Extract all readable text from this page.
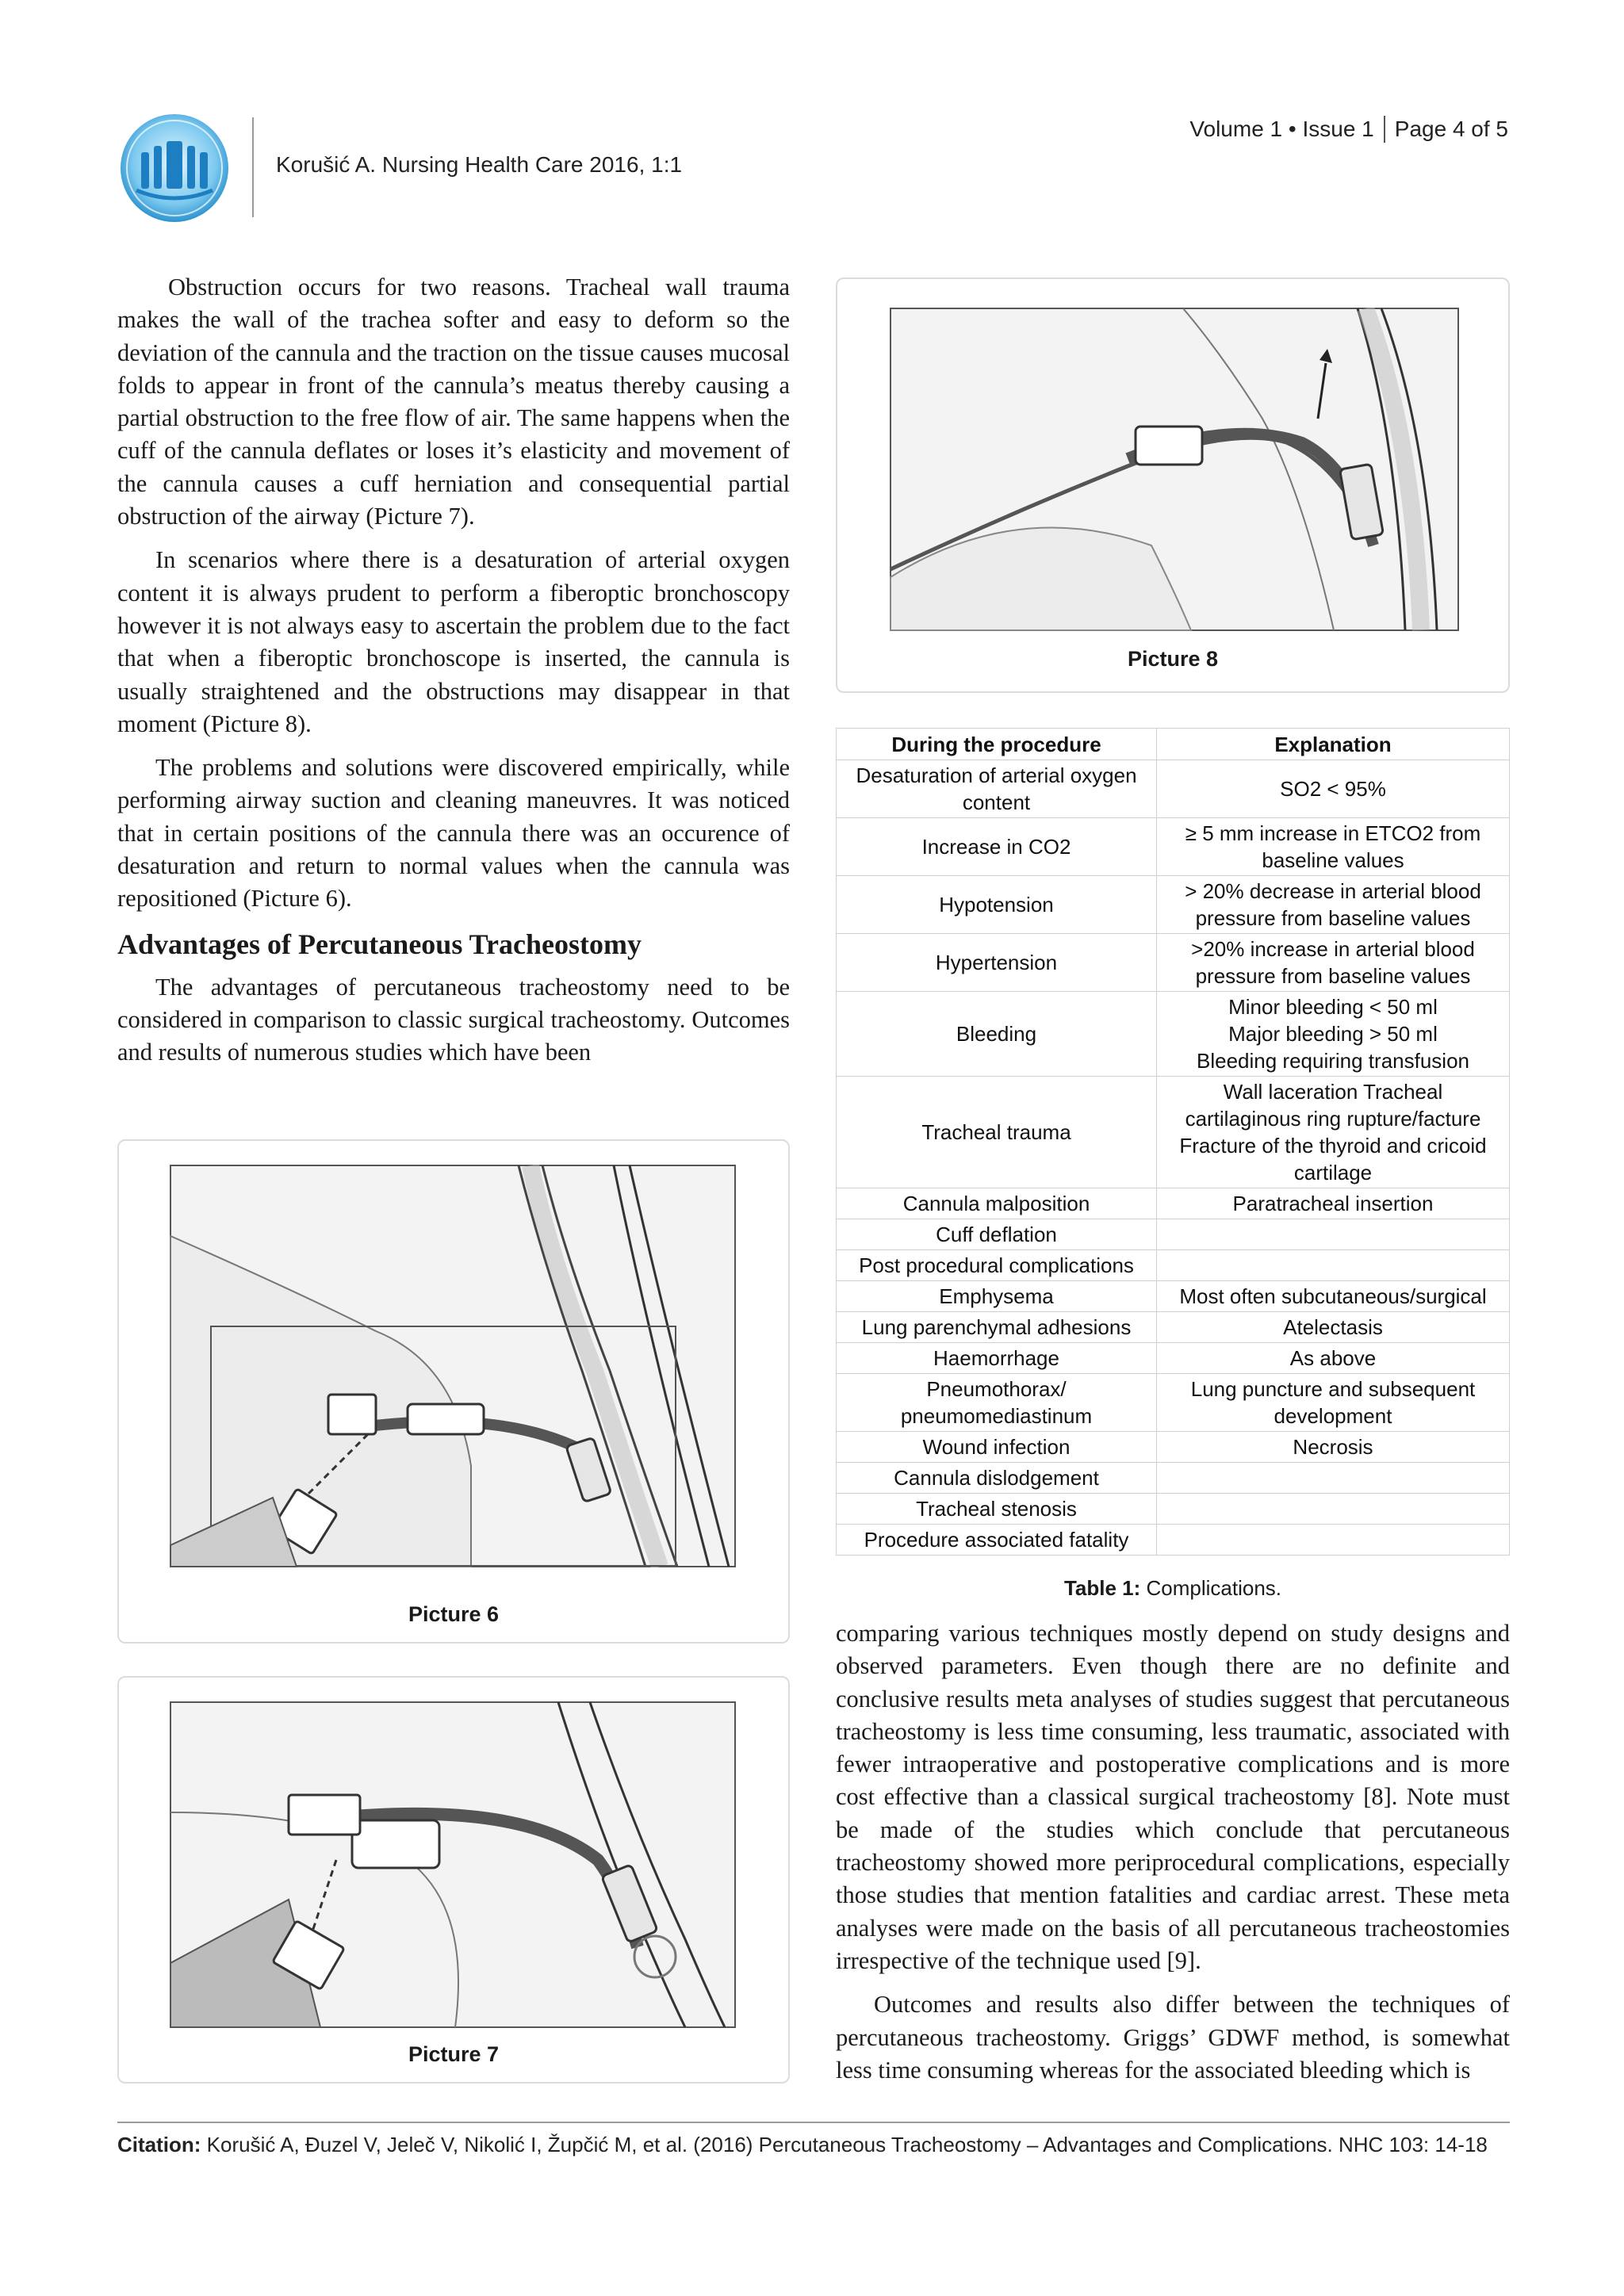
Korušić A. Nursing Health Care 2016, 1:1
Volume 1 • Issue 1 Page 4 of 5

Obstruction occurs for two reasons. Tracheal wall trauma makes the wall of the trachea softer and easy to deform so the deviation of the cannula and the traction on the tissue causes mucosal folds to appear in front of the cannula’s meatus thereby causing a partial obstruction to the free flow of air. The same happens when the cuff of the cannula deflates or loses it’s elasticity and movement of the cannula causes a cuff herniation and consequential partial obstruction of the airway (Picture 7).

In scenarios where there is a desaturation of arterial oxygen content it is always prudent to perform a fiberoptic bronchoscopy however it is not always easy to ascertain the problem due to the fact that when a fiberoptic bronchoscope is inserted, the cannula is usually straightened and the obstructions may disappear in that moment (Picture 8).

The problems and solutions were discovered empirically, while performing airway suction and cleaning maneuvres. It was noticed that in certain positions of the cannula there was an occurence of desaturation and return to normal values when the cannula was repositioned (Picture 6).

Advantages of Percutaneous Tracheostomy

The advantages of percutaneous tracheostomy need to be considered in comparison to classic surgical tracheostomy. Outcomes and results of numerous studies which have been

Picture 6
Picture 7
Picture 8
During the procedure	Explanation
Desaturation of arterial oxygen content	SO2 < 95%
Increase in CO2	≥ 5 mm increase in ETCO2 from baseline values
Hypotension	> 20% decrease in arterial blood pressure from baseline values
Hypertension	>20% increase in arterial blood pressure from baseline values
Bleeding	Minor bleeding < 50 ml
Major bleeding > 50 ml
Bleeding requiring transfusion
Tracheal trauma	Wall laceration Tracheal cartilaginous ring rupture/facture Fracture of the thyroid and cricoid cartilage
Cannula malposition	Paratracheal insertion
Cuff deflation	
Post procedural complications	
Emphysema	Most often subcutaneous/surgical
Lung parenchymal adhesions	Atelectasis
Haemorrhage	As above
Pneumothorax/ pneumomediastinum	Lung puncture and subsequent development
Wound infection	Necrosis
Cannula dislodgement	
Tracheal stenosis	
Procedure associated fatality	
Table 1: Complications.

comparing various techniques mostly depend on study designs and observed parameters. Even though there are no definite and conclusive results meta analyses of studies suggest that percutaneous tracheostomy is less time consuming, less traumatic, associated with fewer intraoperative and postoperative complications and is more cost effective than a classical surgical tracheostomy [8]. Note must be made of the studies which conclude that percutaneous tracheostomy showed more periprocedural complications, especially those studies that mention fatalities and cardiac arrest. These meta analyses were made on the basis of all percutaneous tracheostomies irrespective of the technique used [9].

Outcomes and results also differ between the techniques of percutaneous tracheostomy. Griggs’ GDWF method, is somewhat less time consuming whereas for the associated bleeding which is

Citation: Korušić A, Đuzel V, Jeleč V, Nikolić I, Župčić M, et al. (2016) Percutaneous Tracheostomy – Advantages and Complications. NHC 103: 14-18
